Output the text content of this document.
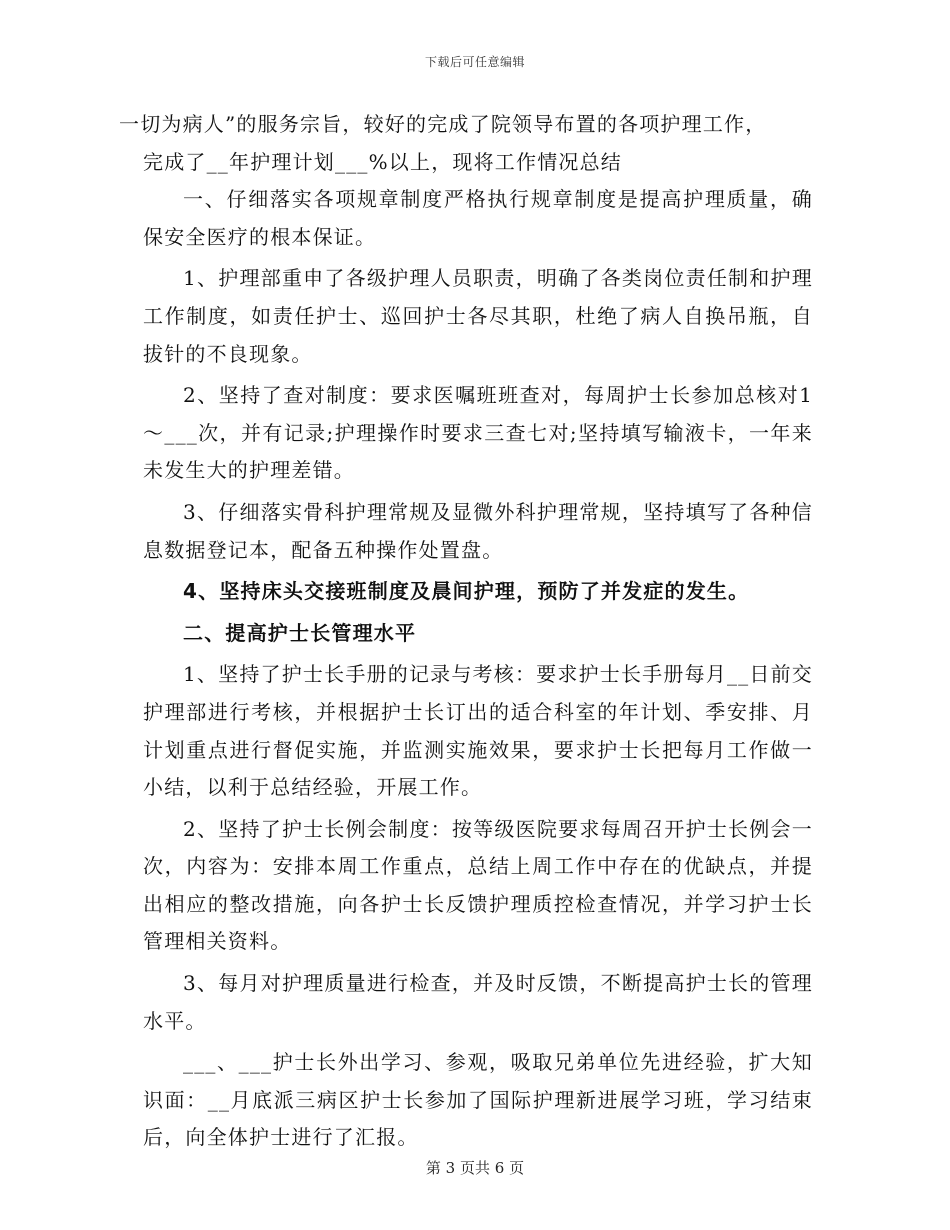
下载后可任意编辑

一切为病人”的服务宗旨，较好的完成了院领导布置的各项护理工作，

完成了__年护理计划___%以上，现将工作情况总结

一、仔细落实各项规章制度严格执行规章制度是提高护理质量，确保安全医疗的根本保证。

1、护理部重申了各级护理人员职责，明确了各类岗位责任制和护理工作制度，如责任护士、巡回护士各尽其职，杜绝了病人自换吊瓶，自拔针的不良现象。

2、坚持了查对制度：要求医嘱班班查对，每周护士长参加总核对1～___次，并有记录;护理操作时要求三查七对;坚持填写输液卡，一年来未发生大的护理差错。

3、仔细落实骨科护理常规及显微外科护理常规，坚持填写了各种信息数据登记本，配备五种操作处置盘。

4、坚持床头交接班制度及晨间护理，预防了并发症的发生。

二、提高护士长管理水平

1、坚持了护士长手册的记录与考核：要求护士长手册每月__日前交护理部进行考核，并根据护士长订出的适合科室的年计划、季安排、月计划重点进行督促实施，并监测实施效果，要求护士长把每月工作做一小结，以利于总结经验，开展工作。

2、坚持了护士长例会制度：按等级医院要求每周召开护士长例会一次，内容为：安排本周工作重点，总结上周工作中存在的优缺点，并提出相应的整改措施，向各护士长反馈护理质控检查情况，并学习护士长管理相关资料。

3、每月对护理质量进行检查，并及时反馈，不断提高护士长的管理水平。

___、___护士长外出学习、参观，吸取兄弟单位先进经验，扩大知识面：__月底派三病区护士长参加了国际护理新进展学习班，学习结束后，向全体护士进行了汇报。

第 3 页共 6 页
